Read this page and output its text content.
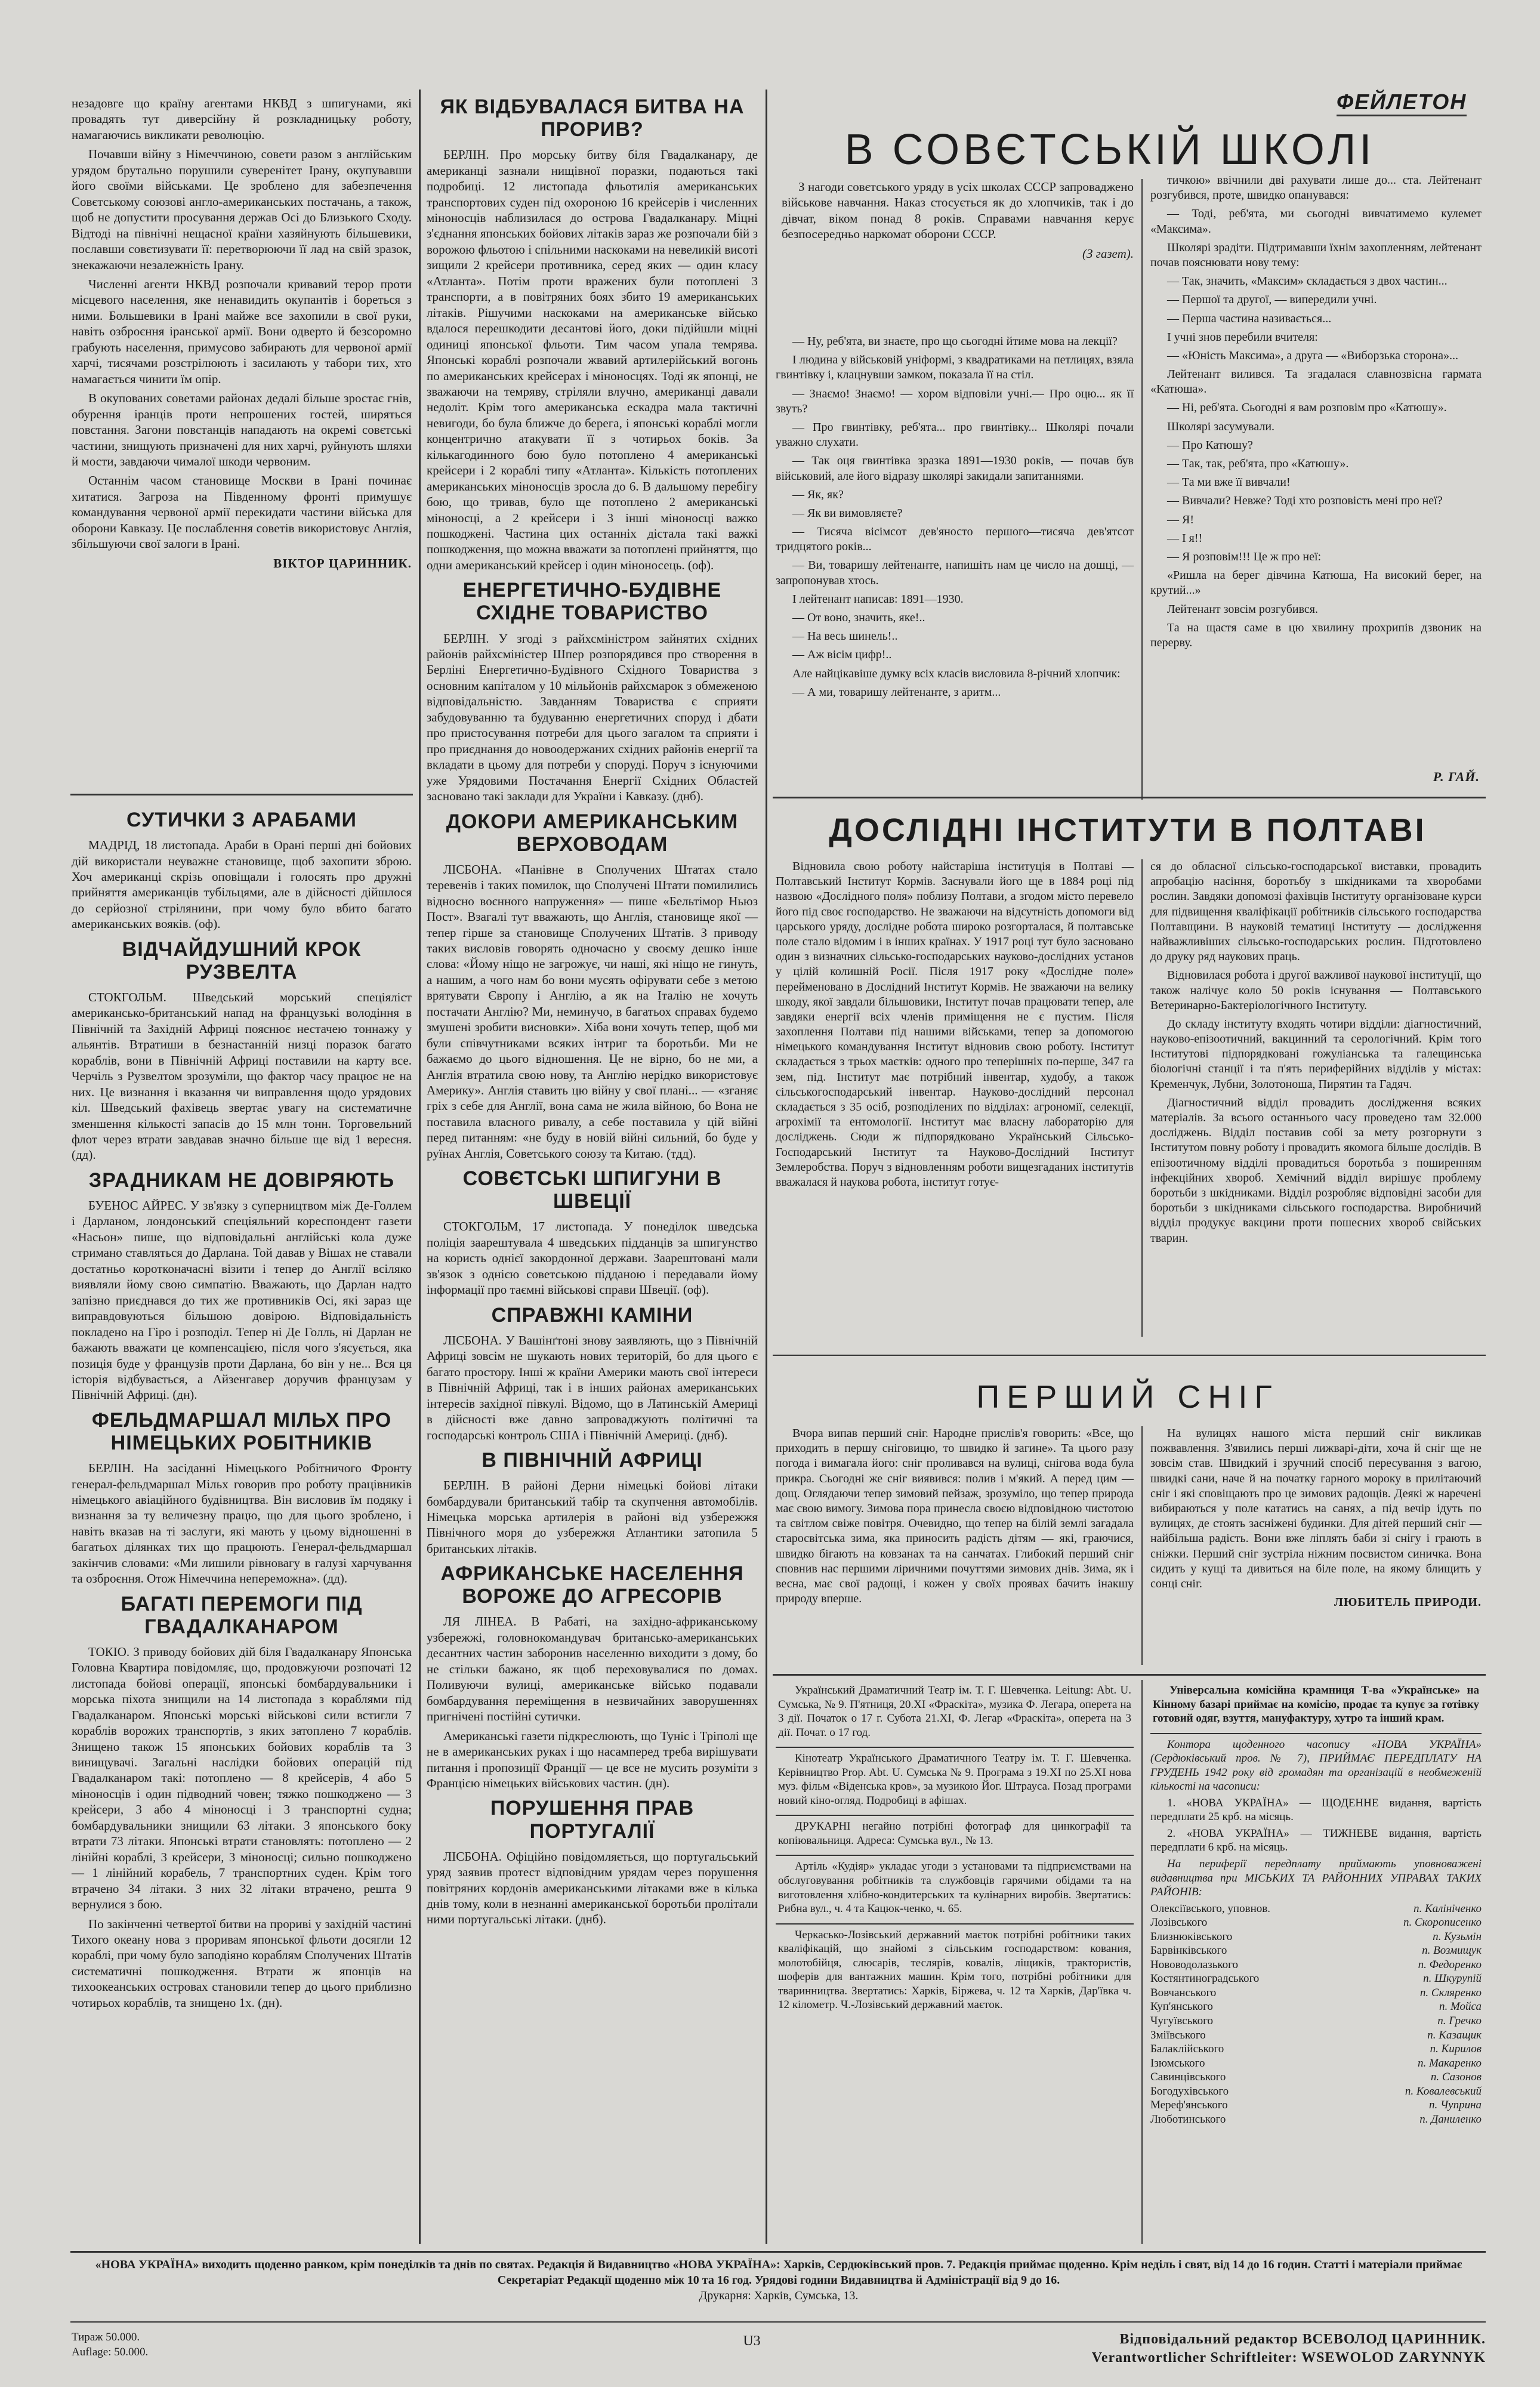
незадовге що країну агентами НКВД з шпигунами, які провадять тут диверсійну й розкладницьку роботу, намагаючись викликати революцію.

Почавши війну з Німеччиною, совети разом з англійським урядом брутально порушили суверенітет Ірану, окупувавши його своїми військами. Це зроблено для забезпечення Совєтському союзові англо-американських постачань, а також, щоб не допустити просування держав Осі до Близького Сходу. Відтоді на північні нещасної країни хазяйнують більшевики, пославши совєтизувати її: перетворюючи її лад на свій зразок, знекажаючи незалежність Ірану.

Численні агенти НКВД розпочали кривавий терор проти місцевого населення, яке ненавидить окупантів і бореться з ними. Большевики в Ірані майже все захопили в свої руки, навіть озброєння іранської армії. Вони одверто й безсоромно грабують населення, примусово забирають для червоної армії харчі, тисячами розстрілюють і засилають у табори тих, хто намагається чинити їм опір.

В окупованих советами районах дедалі більше зростає гнів, обурення іранців проти непрошених гостей, ширяться повстання. Загони повстанців нападають на окремі совєтські частини, знищують призначені для них харчі, руйнують шляхи й мости, завдаючи чималої шкоди червоним.

Останнім часом становище Москви в Ірані починає хитатися. Загроза на Південному фронті примушує командування червоної армії перекидати частини війська для оборони Кавказу. Це послаблення советів використовує Англія, збільшуючи свої залоги в Ірані.

ВІКТОР ЦАРИННИК.
СУТИЧКИ З АРАБАМИ

МАДРІД, 18 листопада. Араби в Орані перші дні бойових дій використали неуважне становище, щоб захопити зброю. Хоч американці скрізь оповіщали і голосять про дружні прийняття американців тубільцями, але в дійсності дійшлося до серйозної стрілянини, при чому було вбито багато американських вояків. (оф).

ВІДЧАЙДУШНИЙ КРОК РУЗВЕЛТА

СТОКГОЛЬМ. Шведський морський спеціяліст американсько-британський напад на французькі володіння в Північній та Західній Африці пояснює нестачею тоннажу у альянтів. Втратиши в безнастанній низці поразок багато кораблів, вони в Північній Африці поставили на карту все. Черчіль з Рузвелтом зрозуміли, що фактор часу працює не на них. Це визнання і вказання чи виправлення щодо урядових кіл. Шведський фахівець звертає увагу на систематичне зменшення кількості запасів до 15 млн тонн. Торговельний флот через втрати завдавав значно більше ще від 1 вересня. (дд).

ЗРАДНИКАМ НЕ ДОВІРЯЮТЬ

БУЕНОС АЙРЕС. У зв'язку з суперництвом між Де-Голлем і Дарланом, лондонський спеціяльний кореспондент газети «Насьон» пише, що відповідальні англійські кола дуже стримано ставляться до Дарлана. Той давав у Вішах не ставали достатньо коротконачасні візити і тепер до Англії всіляко виявляли йому свою симпатію. Вважають, що Дарлан надто запізно приєднався до тих же противників Осі, які зараз ще виправдовуються більшою довірою. Відповідальність покладено на Гіро і розподіл. Тепер ні Де Голль, ні Дарлан не бажають вважати це компенсацією, після чого з'ясується, яка позиція буде у французів проти Дарлана, бо він у не... Вся ця історія відбувається, а Айзенгавер доручив французам у Північній Африці. (дн).

ФЕЛЬДМАРШАЛ МІЛЬХ ПРО НІМЕЦЬКИХ РОБІТНИКІВ

БЕРЛІН. На засіданні Німецького Робітничого Фронту генерал-фельдмаршал Мільх говорив про роботу працівників німецького авіаційного будівництва. Він висловив їм подяку і визнання за ту величезну працю, що для цього зроблено, і навіть вказав на ті заслуги, які мають у цьому відношенні в багатьох ділянках тих що працюють. Генерал-фельдмаршал закінчив словами: «Ми лишили рівновагу в галузі харчування та озброєння. Отож Німеччина непереможна». (дд).

БАГАТІ ПЕРЕМОГИ ПІД ГВАДАЛКАНАРОМ

ТОКІО. З приводу бойових дій біля Гвадалканару Японська Головна Квартира повідомляє, що, продовжуючи розпочаті 12 листопада бойові операції, японські бомбардувальники і морська піхота знищили на 14 листопада з кораблями під Гвадалканаром. Японські морські військові сили встигли 7 кораблів ворожих транспортів, з яких затоплено 7 кораблів. Знищено також 15 японських бойових кораблів та 3 винищувачі. Загальні наслідки бойових операцій під Гвадалканаром такі: потоплено — 8 крейсерів, 4 або 5 міноносців і один підводний човен; тяжко пошкоджено — 3 крейсери, 3 або 4 міноносці і 3 транспортні судна; бомбардувальники знищили 63 літаки. З японського боку втрати 73 літаки. Японські втрати становлять: потоплено — 2 лінійні кораблі, 3 крейсери, 3 міноносці; сильно пошкоджено — 1 лінійний корабель, 7 транспортних суден. Крім того втрачено 34 літаки. З них 32 літаки втрачено, решта 9 вернулися з бою.

По закінченні четвертої битви на прориві у західній частині Тихого океану нова з проривам японської фльоти досягли 12 кораблі, при чому було заподіяно кораблям Сполучених Штатів систематичні пошкодження. Втрати ж японців на тихоокеанських островах становили тепер до цього приблизно чотирьох кораблів, та знищено 1х. (дн).

ЯК ВІДБУВАЛАСЯ БИТВА НА ПРОРИВ?

БЕРЛІН. Про морську битву біля Гвадалканару, де американці зазнали нищівної поразки, подаються такі подробиці. 12 листопада фльотилія американських транспортових суден під охороною 16 крейсерів і численних міноносців наблизилася до острова Гвадалканару. Міцні з'єднання японських бойових літаків зараз же розпочали бій з ворожою фльотою і спільними наскоками на невеликій висоті зищили 2 крейсери противника, серед яких — один класу «Атланта». Потім проти вражених були потоплені 3 транспорти, а в повітряних боях збито 19 американських літаків. Рішучими наскоками на американське військо вдалося перешкодити десантові його, доки підійшли міцні одиниці японської фльоти. Тим часом упала темрява. Японські кораблі розпочали жвавий артилерійський вогонь по американських крейсерах і міноносцях. Тоді як японці, не зважаючи на темряву, стріляли влучно, американці давали недоліт. Крім того американська ескадра мала тактичні невигоди, бо була ближче до берега, і японські кораблі могли концентрично атакувати її з чотирьох боків. За кількагодинного бою було потоплено 4 американські крейсери і 2 кораблі типу «Атланта». Кількість потоплених американських міноносців зросла до 6. В дальшому перебігу бою, що тривав, було ще потоплено 2 американські міноносці, а 2 крейсери і 3 інші міноносці важко пошкоджені. Частина цих останніх дістала такі важкі пошкодження, що можна вважати за потоплені прийняття, що одни американський крейсер і один міноносець. (оф).

ЕНЕРГЕТИЧНО-БУДІВНЕ СХІДНЕ ТОВАРИСТВО

БЕРЛІН. У згоді з райхсміністром зайнятих східних районів райхсміністер Шпер розпорядився про створення в Берліні Енергетично-Будівного Східного Товариства з основним капіталом у 10 мільйонів райхсмарок з обмеженою відповідальністю. Завданням Товариства є сприяти забудовуванню та будуванню енергетичних споруд і дбати про пристосування потреби для цього загалом та сприяти і про приєднання до новоодержаних східних районів енергії та вкладати в цьому для потреби у споруді. Поруч з існуючими уже Урядовими Постачання Енергії Східних Областей засновано такі заклади для України і Кавказу. (днб).

ДОКОРИ АМЕРИКАНСЬКИМ ВЕРХОВОДАМ

ЛІСБОНА. «Панівне в Сполучених Штатах стало теревенів і таких помилок, що Сполучені Штати помилились відносно воєнного напруження» — пише «Бельтімор Ньюз Пост». Взагалі тут вважають, що Англія, становище якої — тепер гірше за становище Сполучених Штатів. З приводу таких висловів говорять одночасно у своєму дешко інше слова: «Йому ніщо не загрожує, чи наші, які ніщо не гинуть, а нашим, а чого нам бо вони мусять офірувати себе з метою врятувати Європу і Англію, а як на Італію не хочуть постачати Англію? Ми, неминучо, в багатьох справах будемо змушені зробити висновки». Хіба вони хочуть тепер, щоб ми були співчутниками всяких інтриг та боротьби. Ми не бажаємо до цього відношення. Це не вірно, бо не ми, а Англія втратила свою нову, та Англію нерідко використовує Америку». Англія ставить цю війну у свої плані... — «зганяє гріх з себе для Англії, вона сама не жила війною, бо Вона не поставила власного ривалу, а себе поставила у цій війні перед питанням: «не буду в новій війні сильний, бо буде у руїнах Англія, Советського союзу та Китаю. (тдд).

СОВЄТСЬКІ ШПИГУНИ В ШВЕЦІЇ

СТОКГОЛЬМ, 17 листопада. У понеділок шведська поліція заарештувала 4 шведських підданців за шпигунство на користь однієї закордонної держави. Заарештовані мали зв'язок з однією советською підданою і передавали йому інформації про таємні військові справи Швеції. (оф).

СПРАВЖНІ КАМІНИ

ЛІСБОНА. У Вашінґтоні знову заявляють, що з Північній Африці зовсім не шукають нових територій, бо для цього є багато простору. Інші ж країни Америки мають свої інтереси в Північній Африці, так і в інших районах американських інтересів західної півкулі. Відомо, що в Латинській Америці в дійсності вже давно запроваджують політичні та господарські контроль США і Північній Америці. (днб).

В ПІВНІЧНІЙ АФРИЦІ

БЕРЛІН. В районі Дерни німецькі бойові літаки бомбардували британський табір та скупчення автомобілів. Німецька морська артилерія в районі від узбережжя Північного моря до узбережжя Атлантики затопила 5 британських літаків.

АФРИКАНСЬКЕ НАСЕЛЕННЯ ВОРОЖЕ ДО АГРЕСОРІВ

ЛЯ ЛІНЕА. В Рабаті, на західно-африканському узбережжі, головнокомандувач британсько-американських десантних частин заборонив населенню виходити з дому, бо не стільки бажано, як щоб переховувалися по домах. Поливуючи вулиці, американське військо подавали бомбардування переміщення в незвичайних заворушеннях пригнічені постійні сутички.

Американські газети підкреслюють, що Туніс і Тріполі ще не в американських руках і що насамперед треба вирішувати питання і пропозиції Франції — це все не мусить розуміти з Францією німецьких військових частин. (дн).

ПОРУШЕННЯ ПРАВ ПОРТУГАЛІЇ

ЛІСБОНА. Офіційно повідомляється, що португальський уряд заявив протест відповідним урядам через порушення повітряних кордонів американськими літаками вже в кілька днів тому, коли в незнанні американської боротьби пролітали ними португальські літаки. (днб).

ФЕЙЛЕТОН
В СОВЄТСЬКІЙ ШКОЛІ

З нагоди совєтського уряду в усіх школах СССР запроваджено військове навчання. Наказ стосується як до хлопчиків, так і до дівчат, віком понад 8 років. Справами навчання керує безпосередньо наркомат оборони СССР.

(З газет).

— Ну, реб'ята, ви знаєте, про що сьогодні йтиме мова на лекції?

І людина у військовій уніформі, з квадратиками на петлицях, взяла гвинтівку і, клацнувши замком, показала її на стіл.

— Знаємо! Знаємо! — хором відповіли учні.— Про оцю... як її звуть?

— Про гвинтівку, реб'ята... про гвинтівку... Школярі почали уважно слухати.

— Так оця гвинтівка зразка 1891—1930 років, — почав був військовий, але його відразу школярі закидали запитаннями.

— Як, як?

— Як ви вимовляєте?

— Тисяча вісімсот дев'яносто першого—тисяча дев'ятсот тридцятого років...

— Ви, товаришу лейтенанте, напишіть нам це число на дошці, — запропонував хтось.

І лейтенант написав: 1891—1930.

— От воно, значить, яке!..

— На весь шинель!..

— Аж вісім цифр!..

Але найцікавіше думку всіх класів висловила 8-річний хлопчик:

— А ми, товаришу лейтенанте, з аритм...

тичкою» ввічнили дві рахувати лише до... ста. Лейтенант розгубився, проте, швидко опанувався:

— Тоді, реб'ята, ми сьогодні вивчатимемо кулемет «Максима».

Школярі зрадіти. Підтримавши їхнім захопленням, лейтенант почав пояснювати нову тему:

— Так, значить, «Максим» складається з двох частин...

— Першої та другої, — випередили учні.

— Перша частина називається...

І учні знов перебили вчителя:

— «Юність Максима», а друга — «Виборзька сторона»...

Лейтенант вилився. Та згадалася славнозвісна гармата «Катюша».

— Ні, реб'ята. Сьогодні я вам розповім про «Катюшу».

Школярі засумували.

— Про Катюшу?

— Так, так, реб'ята, про «Катюшу».

— Та ми вже її вивчали!

— Вивчали? Невже? Тоді хто розповість мені про неї?

— Я!

— І я!!

— Я розповім!!! Це ж про неї:

«Ришла на берег дівчина Катюша, На високий берег, на крутий...»

Лейтенант зовсім розгубився.

Та на щастя саме в цю хвилину прохрипів дзвоник на перерву.

Р. ГАЙ.
ДОСЛІДНІ ІНСТИТУТИ В ПОЛТАВІ

Відновила свою роботу найстаріша інституція в Полтаві — Полтавський Інститут Кормів. Заснували його ще в 1884 році під назвою «Дослідного поля» поблизу Полтави, а згодом місто перевело його під своє господарство. Не зважаючи на відсутність допомоги від царського уряду, дослідне робота широко розгорталася, й полтавське поле стало відомим і в інших країнах. У 1917 році тут було засновано один з визначних сільсько-господарських науково-дослідних установ у цілій колишній Росії. Після 1917 року «Дослідне поле» перейменовано в Дослідний Інститут Кормів. Не зважаючи на велику шкоду, якої завдали більшовики, Інститут почав працювати тепер, але завдяки енергії всіх членів приміщення не є пустим. Після захоплення Полтави під нашими військами, тепер за допомогою німецького командування Інститут відновив свою роботу. Інститут складається з трьох маєтків: одного про теперішніх по-перше, 347 га зем, під. Інститут має потрібний інвентар, худобу, а також сільськогосподарський інвентар. Науково-дослідний персонал складається з 35 осіб, розподілених по відділах: агрономії, селекції, агрохімії та ентомології. Інститут має власну лабораторію для досліджень. Сюди ж підпорядковано Український Сільсько-Господарський Інститут та Науково-Дослідний Інститут Землеробства. Поруч з відновленням роботи вищезгаданих інститутів вважалася й наукова робота, інститут готує-

ся до обласної сільсько-господарської виставки, провадить апробацію насіння, боротьбу з шкідниками та хворобами рослин. Завдяки допомозі фахівців Інституту організоване курси для підвищення кваліфікації робітників сільського господарства Полтавщини. В науковій тематиці Інституту — дослідження найважливіших сільсько-господарських рослин. Підготовлено до друку ряд наукових праць.

Відновилася робота і другої важливої наукової інституції, що також налічує коло 50 років існування — Полтавського Ветеринарно-Бактеріологічного Інституту.

До складу інституту входять чотири відділи: діагностичний, науково-епізоотичний, вакцинний та серологічний. Крім того Інститутові підпорядковані гожуліанська та галещинська біологічні станції і та п'ять периферійних відділів у містах: Кременчук, Лубни, Золотоноша, Пирятин та Гадяч.

Діагностичний відділ провадить дослідження всяких матеріалів. За всього останнього часу проведено там 32.000 досліджень. Відділ поставив собі за мету розгорнути з Інститутом повну роботу і провадить якомога більше дослідів. В епізоотичному відділі провадиться боротьба з поширенням інфекційних хвороб. Хемічний відділ вирішує проблему боротьби з шкідниками. Відділ розробляє відповідні засоби для боротьби з шкідниками сільського господарства. Виробничий відділ продукує вакцини проти пошесних хвороб свійських тварин.

ПЕРШИЙ СНІГ

Вчора випав перший сніг. Народне прислів'я говорить: «Все, що приходить в першу сніговицю, то швидко й загине». Та цього разу погода і вимагала його: сніг проливався на вулиці, снігова вода була прикра. Сьогодні же сніг виявився: полив і м'який. А перед цим — дощ. Оглядаючи тепер зимовий пейзаж, зрозуміло, що тепер природа має свою вимогу. Зимова пора принесла своєю відповідною чистотою та світлом свіже повітря. Очевидно, що тепер на білій землі загадала старосвітська зима, яка приносить радість дітям — які, граючися, швидко бігають на ковзанах та на санчатах. Глибокий перший сніг сповнив нас першими ліричними почуттями зимових днів. Зима, як і весна, має свої радощі, і кожен у своїх проявах бачить інакшу природу вперше.

На вулицях нашого міста перший сніг викликав пожвавлення. З'явились перші лижварі-діти, хоча й сніг ще не зовсім став. Швидкий і зручний спосіб пересування з вагою, швидкі сани, наче й на початку гарного мороку в прилітаючий сніг і які сповіщають про це зимових радощів. Деякі ж наречені вибираються у поле кататись на санях, а під вечір ідуть по вулицях, де стоять засніжені будинки. Для дітей перший сніг — найбільша радість. Вони вже ліплять баби зі снігу і грають в сніжки. Перший сніг зустріла ніжним посвистом синичка. Вона сидить у кущі та дивиться на біле поле, на якому блищить у сонці сніг.

ЛЮБИТЕЛЬ ПРИРОДИ.

Український Драматичний Театр ім. Т. Г. Шевченка. Leitung: Abt. U. Сумська, № 9. П'ятниця, 20.XI «Фраскіта», музика Ф. Легара, оперета на 3 дії. Початок о 17 г. Субота 21.XI, Ф. Легар «Фраскіта», оперета на 3 дії. Почат. о 17 год.

Кінотеатр Українського Драматичного Театру ім. Т. Г. Шевченка. Керівництво Prop. Abt. U. Сумська № 9. Програма з 19.XI по 25.XI нова муз. фільм «Віденська кров», за музикою Йог. Штрауса. Позад програми новий кіно-огляд. Подробиці в афішах.

ДРУКАРНІ негайно потрібні фотограф для цинкографії та копіювальниця. Адреса: Сумська вул., № 13.

Артіль «Кудіяр» укладає угоди з установами та підприємствами на обслуговування робітників та службовців гарячими обідами та на виготовлення хлібно-кондитерських та кулінарних виробів. Звертатись: Рибна вул., ч. 4 та Кацюк-ченко, ч. 65.

Черкасько-Лозівський державний маєток потрібні робітники таких кваліфікацій, що знайомі з сільським господарством: кования, молотобійця, слюсарів, теслярів, ковалів, ліщиків, трактористів, шоферів для вантажних машин. Крім того, потрібні робітники для тваринництва. Звертатись: Харків, Біржева, ч. 12 та Харків, Дар'ївка ч. 12 кілометр. Ч.-Лозівський державний маєток.

Універсальна комісійна крамниця Т-ва «Українське» на Кінному базарі приймає на комісію, продає та купує за готівку готовий одяг, взуття, мануфактуру, хутро та інший крам.

Контора щоденного часопису «НОВА УКРАЇНА» (Сердюківський пров. № 7), ПРИЙМАЄ ПЕРЕДПЛАТУ НА ГРУДЕНЬ 1942 року від громадян та організацій в необмеженій кількості на часописи:

1. «НОВА УКРАЇНА» — ЩОДЕННЕ видання, вартість передплати 25 крб. на місяць.

2. «НОВА УКРАЇНА» — ТИЖНЕВЕ видання, вартість передплати 6 крб. на місяць.

На периферії передплату приймають уповноважені видавництва при МІСЬКИХ ТА РАЙОННИХ УПРАВАХ ТАКИХ РАЙОНІВ:

Олексіївського, уповнов.	п. Калініченко
Лозівського	п. Скорописенко
Близнюківського	п. Кузьмін
Барвінківського	п. Возмищук
Нововодолазького	п. Федоренко
Костянтиноградського	п. Шкурупій
Вовчанського	п. Скляренко
Куп'янського	п. Мойса
Чугуївського	п. Гречко
Зміївського	п. Казащик
Балаклійського	п. Кирилов
Ізюмського	п. Макаренко
Савинцівського	п. Сазонов
Богодухівського	п. Ковалевський
Мереф'янського	п. Чуприна
Люботинського	п. Даниленко
«НОВА УКРАЇНА» виходить щоденно ранком, крім понеділків та днів по святах. Редакція й Видавництво «НОВА УКРАЇНА»: Харків, Сердюківський пров. 7. Редакція приймає щоденно. Крім неділь і свят, від 14 до 16 годин. Статті і матеріали приймає Секретаріат Редакції щоденно між 10 та 16 год. Урядові години Видавництва й Адміністрації від 9 до 16.
Друкарня: Харків, Сумська, 13.
Тираж 50.000.
Auflage: 50.000.
U3	Відповідальний редактор ВСЕВОЛОД ЦАРИННИК.
Verantwortlicher Schriftleiter: WSEWOLOD ZARYNNYK
